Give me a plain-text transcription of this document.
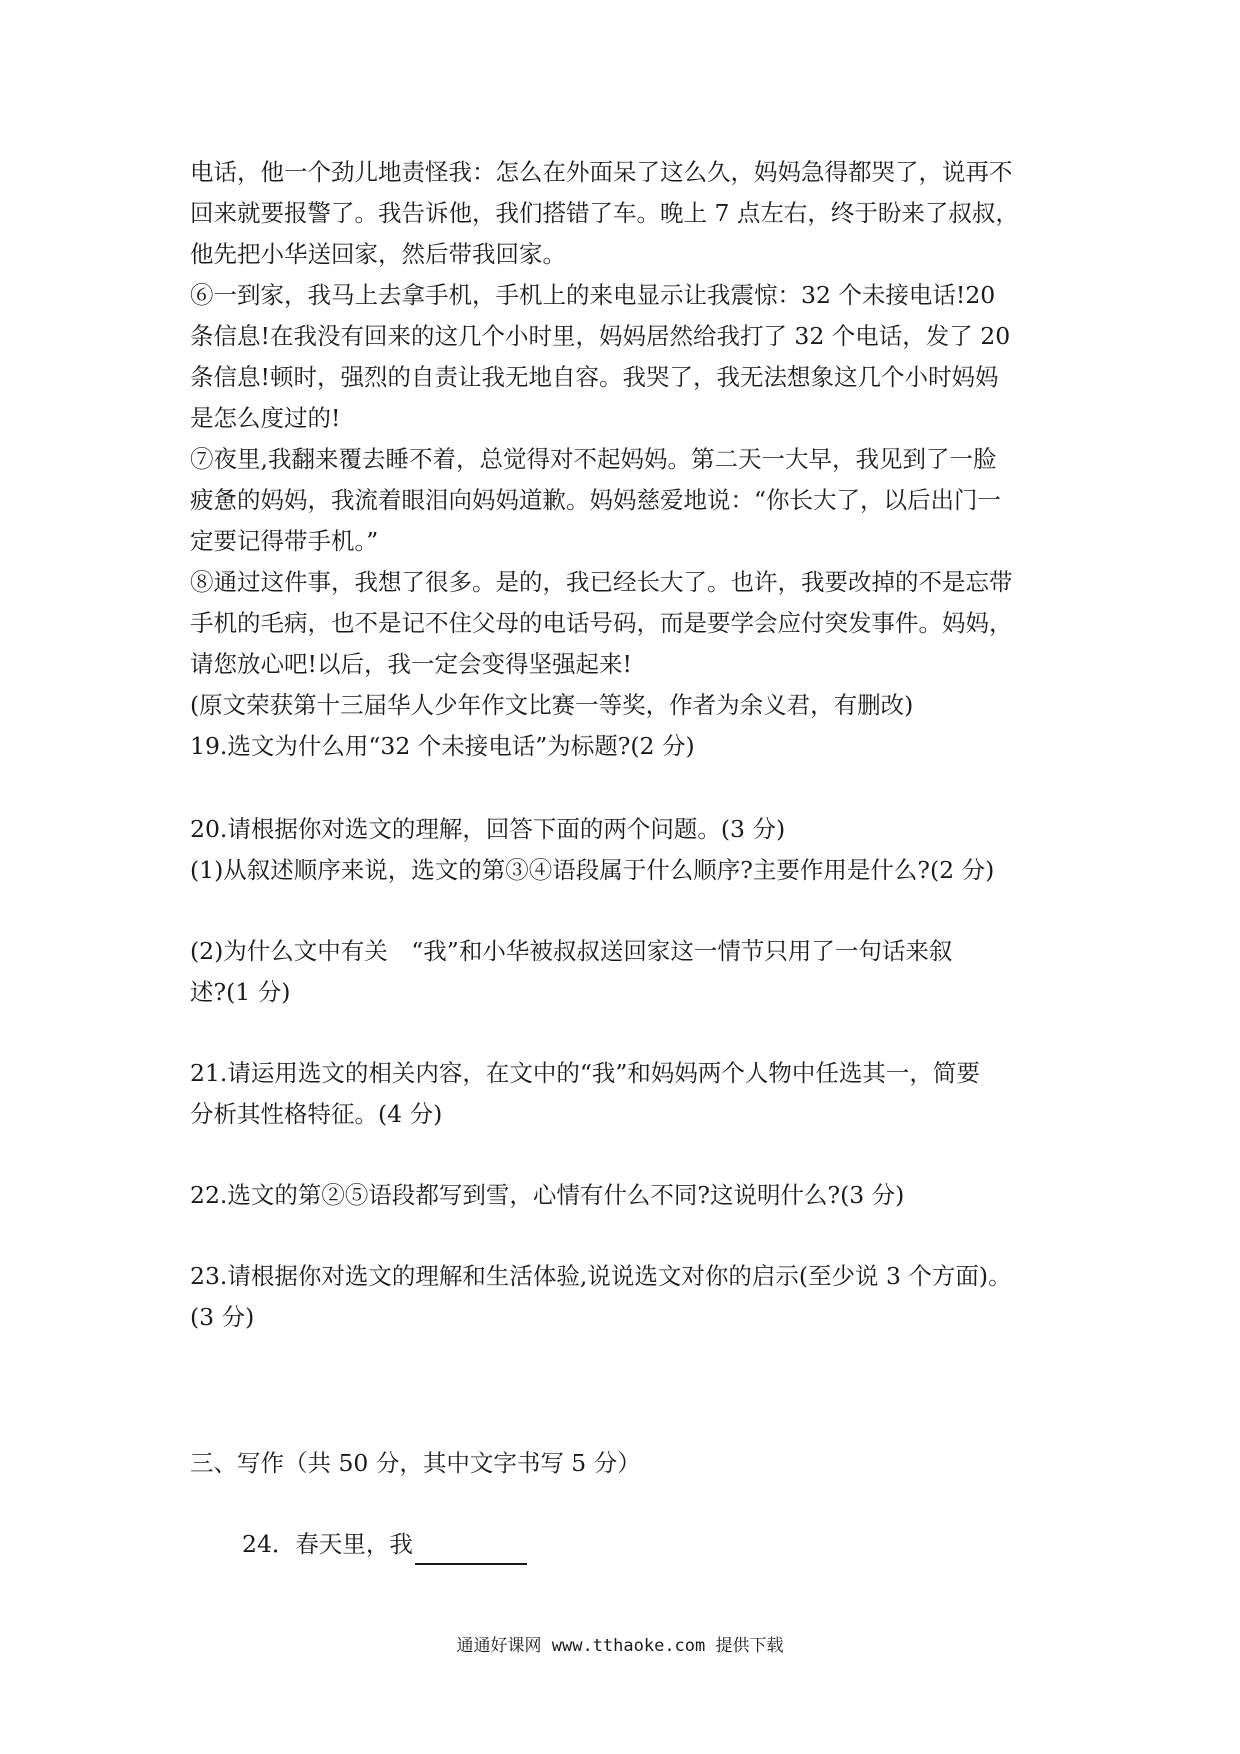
电话，他一个劲儿地责怪我：怎么在外面呆了这么久，妈妈急得都哭了，说再不

回来就要报警了。我告诉他，我们搭错了车。晚上 7 点左右，终于盼来了叔叔，

他先把小华送回家，然后带我回家。

⑥一到家，我马上去拿手机，手机上的来电显示让我震惊：32 个未接电话!20

条信息!在我没有回来的这几个小时里，妈妈居然给我打了 32 个电话，发了 20

条信息!顿时，强烈的自责让我无地自容。我哭了，我无法想象这几个小时妈妈

是怎么度过的!

⑦夜里,我翻来覆去睡不着，总觉得对不起妈妈。第二天一大早，我见到了一脸

疲惫的妈妈，我流着眼泪向妈妈道歉。妈妈慈爱地说：“你长大了，以后出门一

定要记得带手机。”

⑧通过这件事，我想了很多。是的，我已经长大了。也许，我要改掉的不是忘带

手机的毛病，也不是记不住父母的电话号码，而是要学会应付突发事件。妈妈，

请您放心吧!以后，我一定会变得坚强起来!

(原文荣获第十三届华人少年作文比赛一等奖，作者为余义君，有删改)

19.选文为什么用“32 个未接电话”为标题?(2 分)

20.请根据你对选文的理解，回答下面的两个问题。(3 分)

(1)从叙述顺序来说，选文的第③④语段属于什么顺序?主要作用是什么?(2 分)

(2)为什么文中有关　“我”和小华被叔叔送回家这一情节只用了一句话来叙

述?(1 分)

21.请运用选文的相关内容，在文中的“我”和妈妈两个人物中任选其一，简要

分析其性格特征。(4 分)

22.选文的第②⑤语段都写到雪，心情有什么不同?这说明什么?(3 分)

23.请根据你对选文的理解和生活体验,说说选文对你的启示(至少说 3 个方面)。

(3 分)

三、写作（共 50 分，其中文字书写 5 分）

24．春天里，我

通通好课网 www.tthaoke.com 提供下载
